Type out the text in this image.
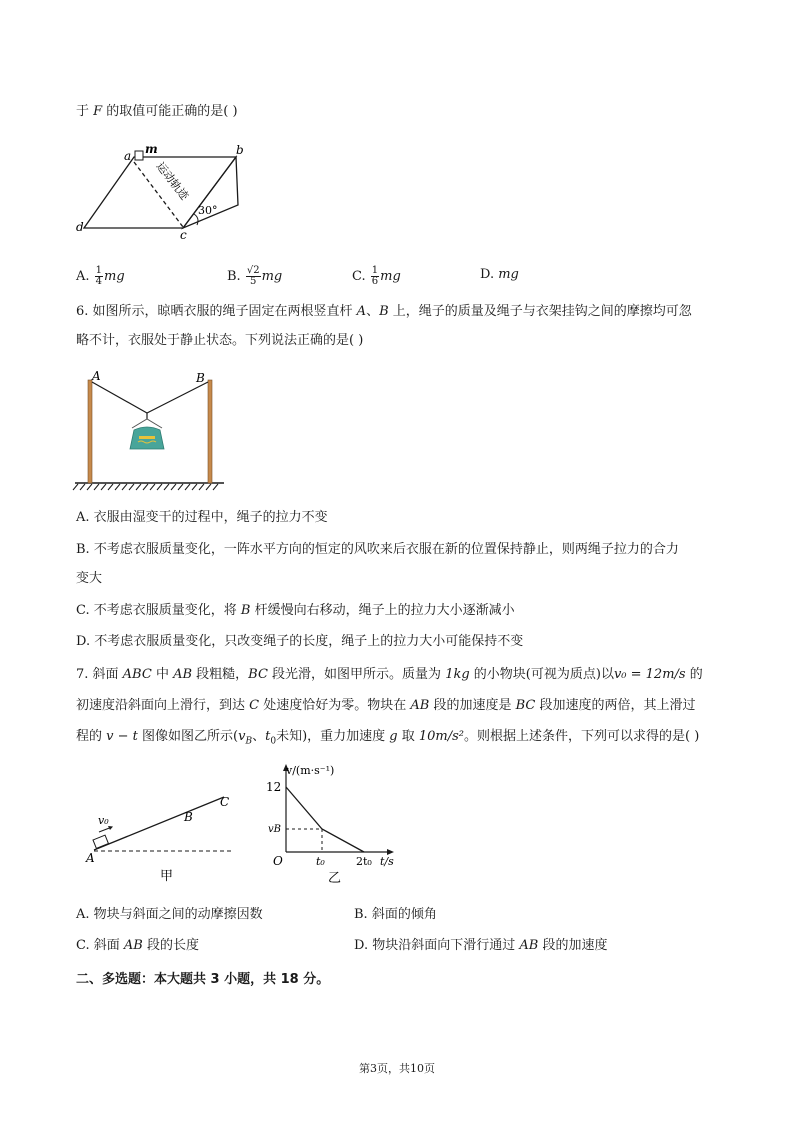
于 F 的取值可能正确的是( )
a m	b
c
d
运动轨迹
30°
A. $\frac{1}{4}$ mg	B. $\frac{√2}{5}$ mg	C. $\frac{1}{6}$ mg	D. mg
6. 如图所示，晾晒衣服的绳子固定在两根竖直杆 A、B 上，绳子的质量及绳子与衣架挂钩之间的摩擦均可忽
略不计，衣服处于静止状态。下列说法正确的是( )
A	B
A. 衣服由湿变干的过程中，绳子的拉力不变
B. 不考虑衣服质量变化，一阵水平方向的恒定的风吹来后衣服在新的位置保持静止，则两绳子拉力的合力
变大
C. 不考虑衣服质量变化，将 B 杆缓慢向右移动，绳子上的拉力大小逐渐减小
D. 不考虑衣服质量变化，只改变绳子的长度，绳子上的拉力大小可能保持不变
7. 斜面 ABC 中 AB 段粗糙，BC 段光滑，如图甲所示。质量为 1kg 的小物块(可视为质点)以v₀ = 12m/s 的
初速度沿斜面向上滑行，到达 C 处速度恰好为零。物块在 AB 段的加速度是 BC 段加速度的两倍，其上滑过
程的 v − t 图像如图乙所示($v_B$、$t_0$未知)，重力加速度 g 取 10m/s²。则根据上述条件，下列可以求得的是( )
v₀
A
B
C
甲
v/(m·s⁻¹)
12
vB
O	t₀	2t₀ t/s
乙
A. 物块与斜面之间的动摩擦因数	B. 斜面的倾角
C. 斜面 AB 段的长度	D. 物块沿斜面向下滑行通过 AB 段的加速度
二、多选题：本大题共 3 小题，共 18 分。
第3页，共10页
